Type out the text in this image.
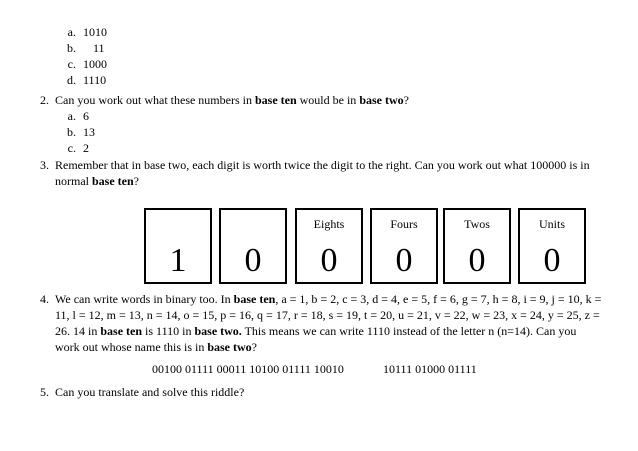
a. 1010
b. 11
c. 1000
d. 1110
2. Can you work out what these numbers in base ten would be in base two?
a. 6
b. 13
c. 2
3. Remember that in base two, each digit is worth twice the digit to the right. Can you work out what 100000 is in
normal base ten?
1	0
Eights
0
Fours
0
Twos
0
Units
0
4. We can write words in binary too. In base ten, a = 1, b = 2, c = 3, d = 4, e = 5, f = 6, g = 7, h = 8, i = 9, j = 10, k =
11, l = 12, m = 13, n = 14, o = 15, p = 16, q = 17, r = 18, s = 19, t = 20, u = 21, v = 22, w = 23, x = 24, y = 25, z =
26. 14 in base ten is 1110 in base two. This means we can write 1110 instead of the letter n (n=14). Can you
work out whose name this is in base two?
00100 01111 00011 10100 01111 10010	10111 01000 01111
5. Can you translate and solve this riddle?
